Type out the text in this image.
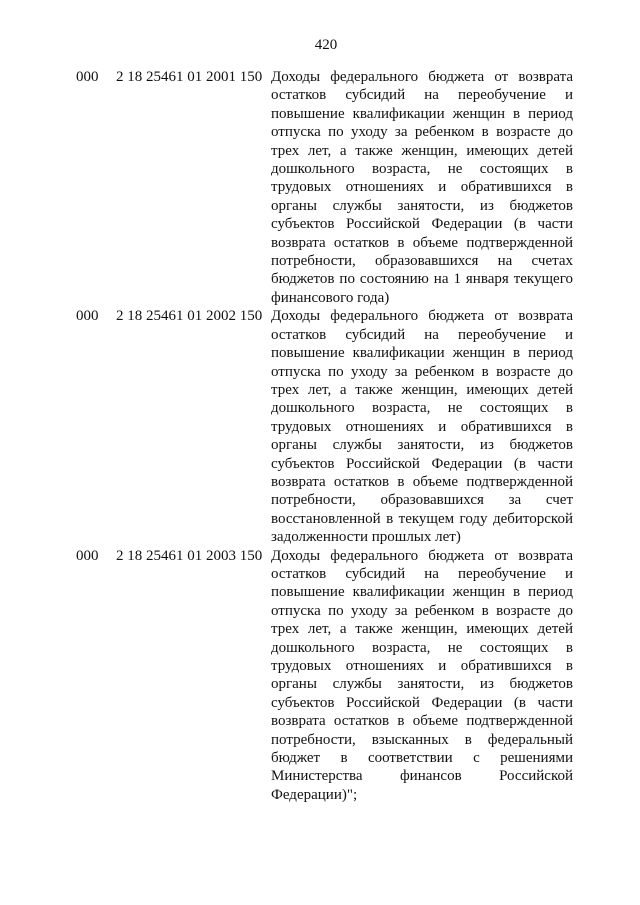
420
000	2 18 25461 01 2001 150 Доходы федерального бюджета от возврата
остатков субсидий на переобучение и
повышение квалификации женщин в период
отпуска по уходу за ребенком в возрасте до
трех лет, а также женщин, имеющих детей
дошкольного возраста, не состоящих в
трудовых отношениях и обратившихся в
органы службы занятости, из бюджетов
субъектов Российской Федерации (в части
возврата остатков в объеме подтвержденной
потребности, образовавшихся на счетах
бюджетов по состоянию на 1 января текущего
финансового года)
000	2 18 25461 01 2002 150 Доходы федерального бюджета от возврата
остатков субсидий на переобучение и
повышение квалификации женщин в период
отпуска по уходу за ребенком в возрасте до
трех лет, а также женщин, имеющих детей
дошкольного возраста, не состоящих в
трудовых отношениях и обратившихся в
органы службы занятости, из бюджетов
субъектов Российской Федерации (в части
возврата остатков в объеме подтвержденной
потребности, образовавшихся за счет
восстановленной в текущем году дебиторской
задолженности прошлых лет)
000	2 18 25461 01 2003 150 Доходы федерального бюджета от возврата
остатков субсидий на переобучение и
повышение квалификации женщин в период
отпуска по уходу за ребенком в возрасте до
трех лет, а также женщин, имеющих детей
дошкольного возраста, не состоящих в
трудовых отношениях и обратившихся в
органы службы занятости, из бюджетов
субъектов Российской Федерации (в части
возврата остатков в объеме подтвержденной
потребности, взысканных в федеральный
бюджет в соответствии с решениями
Министерства финансов Российской
Федерации)";
